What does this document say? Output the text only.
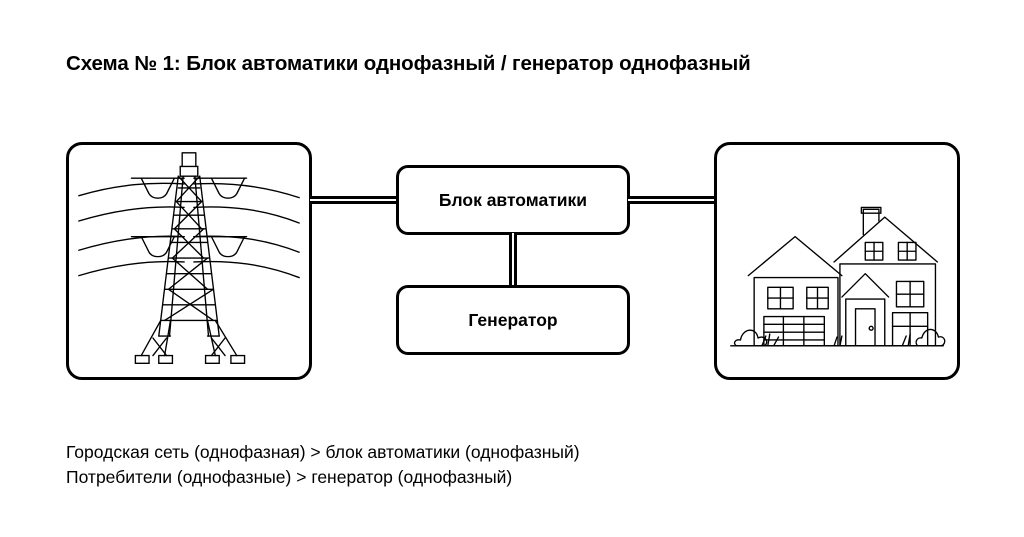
Схема № 1: Блок автоматики однофазный / генератор однофазный
Блок автоматики
Генератор
Городская сеть (однофазная) > блок автоматики (однофазный)
Потребители (однофазные) > генератор (однофазный)
